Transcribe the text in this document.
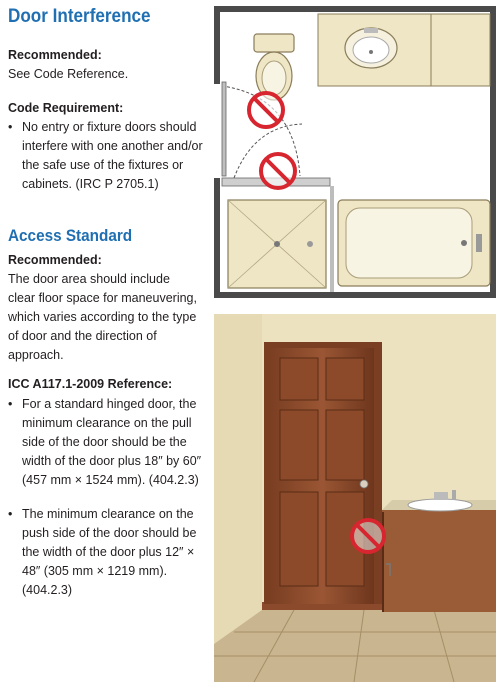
Door Interference
Recommended:
See Code Reference.
Code Requirement:
• No entry or fixture doors should interfere with one another and/or the safe use of the fixtures or cabinets. (IRC P 2705.1)
Access Standard
Recommended:
The door area should include clear floor space for maneuvering, which varies according to the type of door and the direction of approach.
ICC A117.1-2009 Reference:
• For a standard hinged door, the minimum clearance on the pull side of the door should be the width of the door plus 18″ by 60″ (457 mm × 1524 mm). (404.2.3)
• The minimum clearance on the push side of the door should be the width of the door plus 12″ × 48″ (305 mm × 1219 mm). (404.2.3)
